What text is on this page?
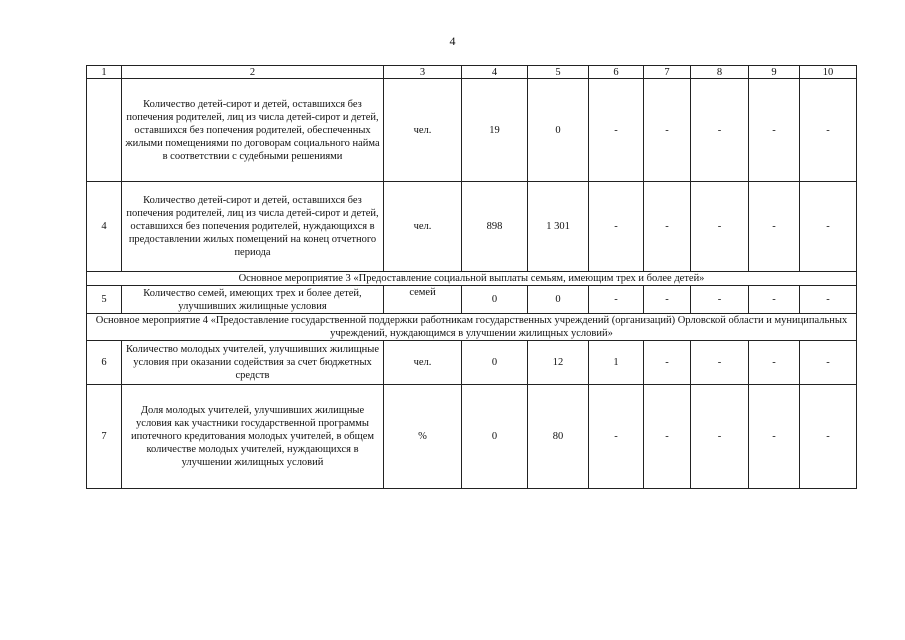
4
1	2	3	4	5	6	7	8	9	10
	Количество детей-сирот и детей, оставшихся без попечения родителей, лиц из числа детей-сирот и детей, оставшихся без попечения родителей, обеспеченных жилыми помещениями по договорам социального найма в соответствии с судебными решениями	чел.	19	0	-	-	-	-	-
4	Количество детей-сирот и детей, оставшихся без попечения родителей, лиц из числа детей-сирот и детей, оставшихся без попечения родителей, нуждающихся в предоставлении жилых помещений на конец отчетного периода	чел.	898	1 301	-	-	-	-	-
Основное мероприятие 3 «Предоставление социальной выплаты семьям, имеющим трех и более детей»									
5	Количество семей, имеющих трех и более детей, улучшивших жилищные условия	семей	0	0	-	-	-	-	-
Основное мероприятие 4 «Предоставление государственной поддержки работникам государственных учреждений (организаций) Орловской области и муниципальных учреждений, нуждающимся в улучшении жилищных условий»									
6	Количество молодых учителей, улучшивших жилищные условия при оказании содействия за счет бюджетных средств	чел.	0	12	1	-	-	-	-
7	Доля молодых учителей, улучшивших жилищные условия как участники государственной программы ипотечного кредитования молодых учителей, в общем количестве молодых учителей, нуждающихся в улучшении жилищных условий	%	0	80	-	-	-	-	-
